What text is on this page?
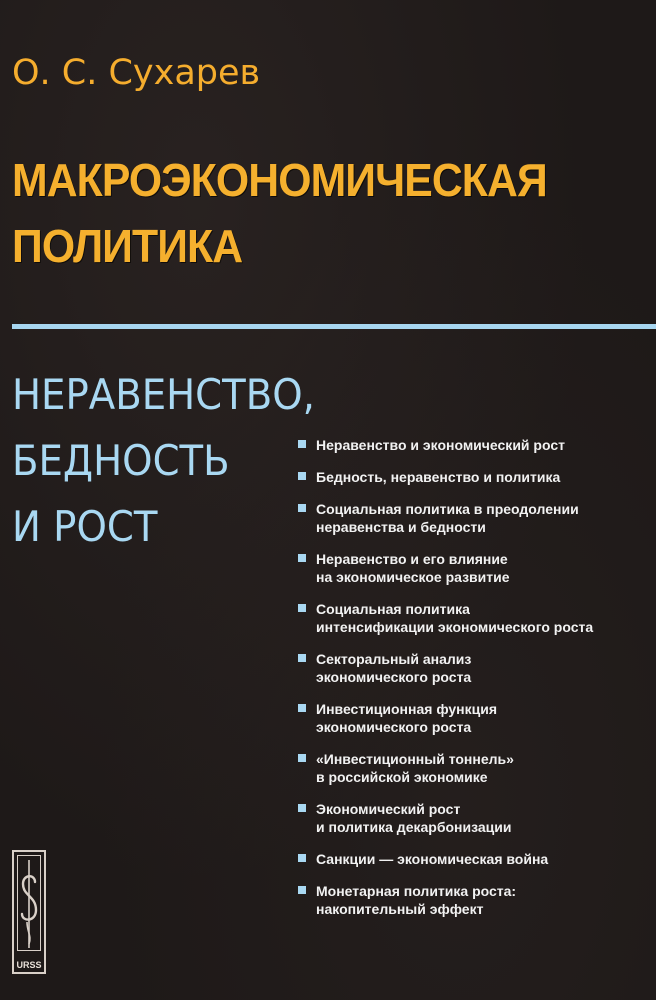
О. С. Сухарев
МАКРОЭКОНОМИЧЕСКАЯ
ПОЛИТИКА
НЕРАВЕНСТВО,
БЕДНОСТЬ
И РОСТ
Неравенство и экономический рост
Бедность, неравенство и политика
Социальная политика в преодолении
неравенства и бедности
Неравенство и его влияние
на экономическое развитие
Социальная политика
интенсификации экономического роста
Секторальный анализ
экономического роста
Инвестиционная функция
экономического роста
«Инвестиционный тоннель»
в российской экономике
Экономический рост
и политика декарбонизации
Санкции — экономическая война
Монетарная политика роста:
накопительный эффект
URSS
